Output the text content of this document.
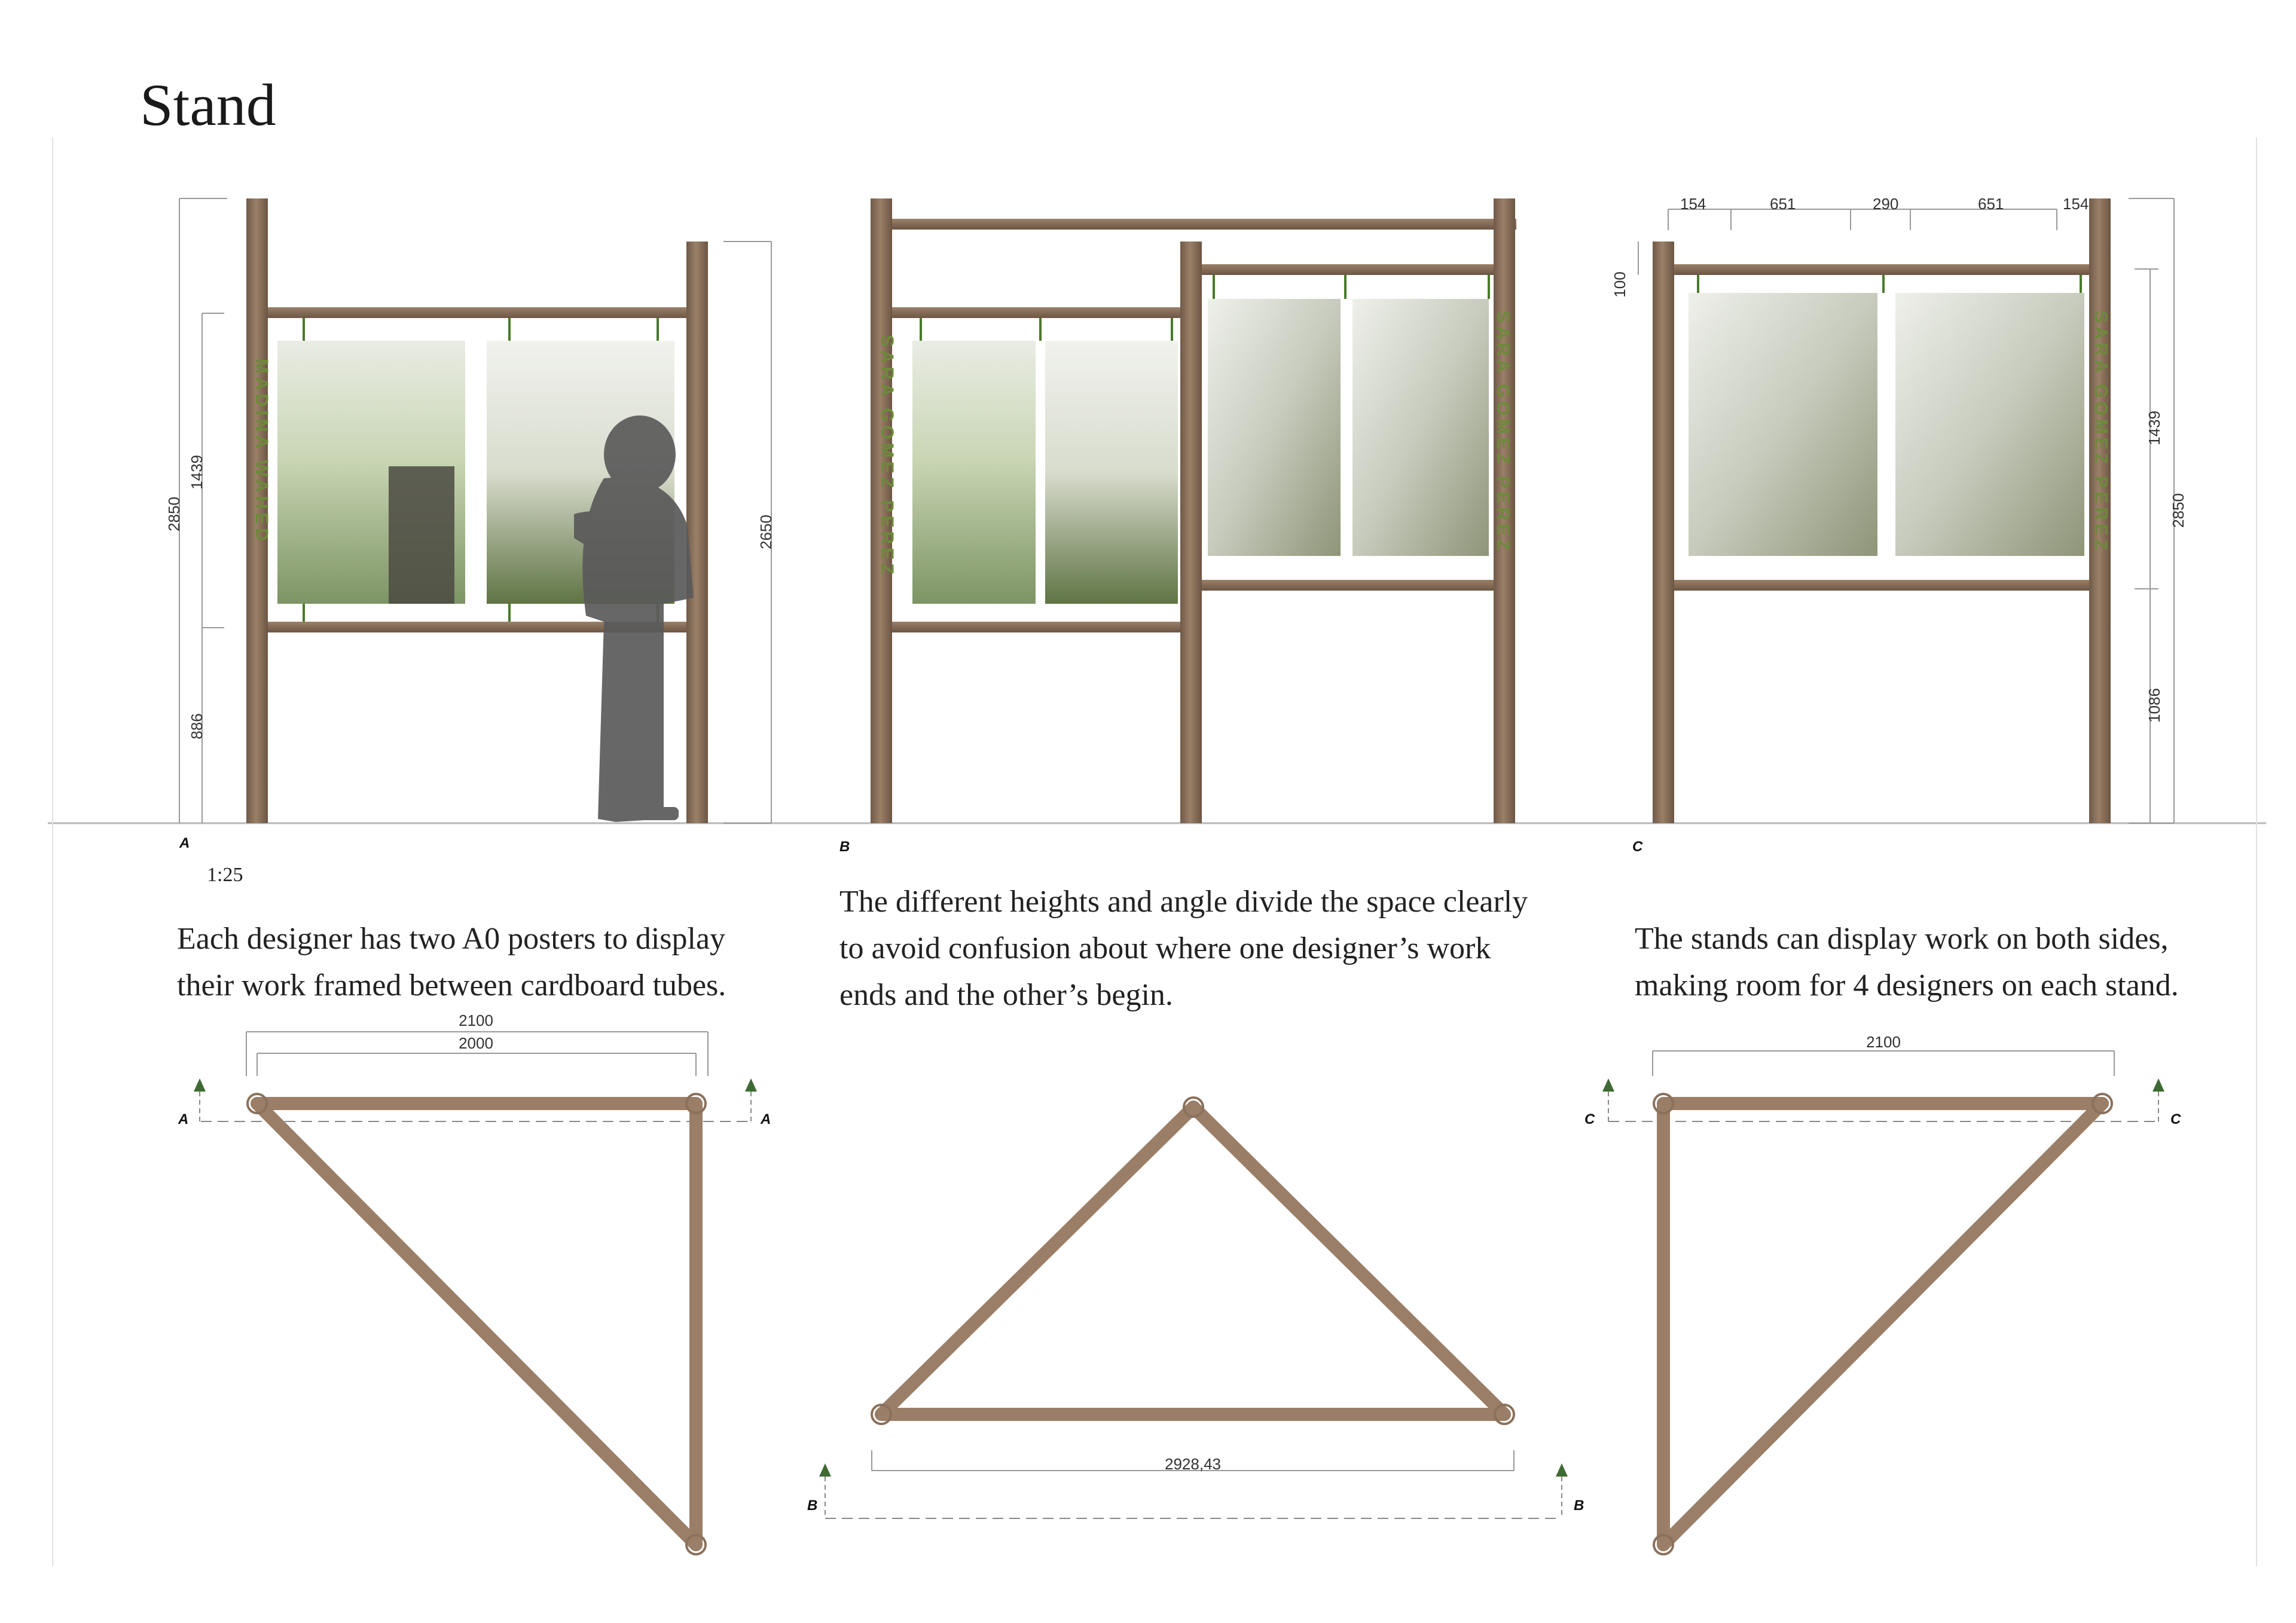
Stand
MADINA WAHED
2850
1439
886
2650
A
SARA GOMEZ PEREZ	SARA GOMEZ PEREZ
B
SARA GOMEZ PEREZ
154	651	290	651	154
100
1439
2850
1086
C
2100
2000
A	A
2928,43
B	B
2100
C	C
1:25
Each designer has two A0 posters to display
their work framed between cardboard tubes.
The different heights and angle divide the space clearly
to avoid confusion about where one designer’s work
ends and the other’s begin.
The stands can display work on both sides,
making room for 4 designers on each stand.
